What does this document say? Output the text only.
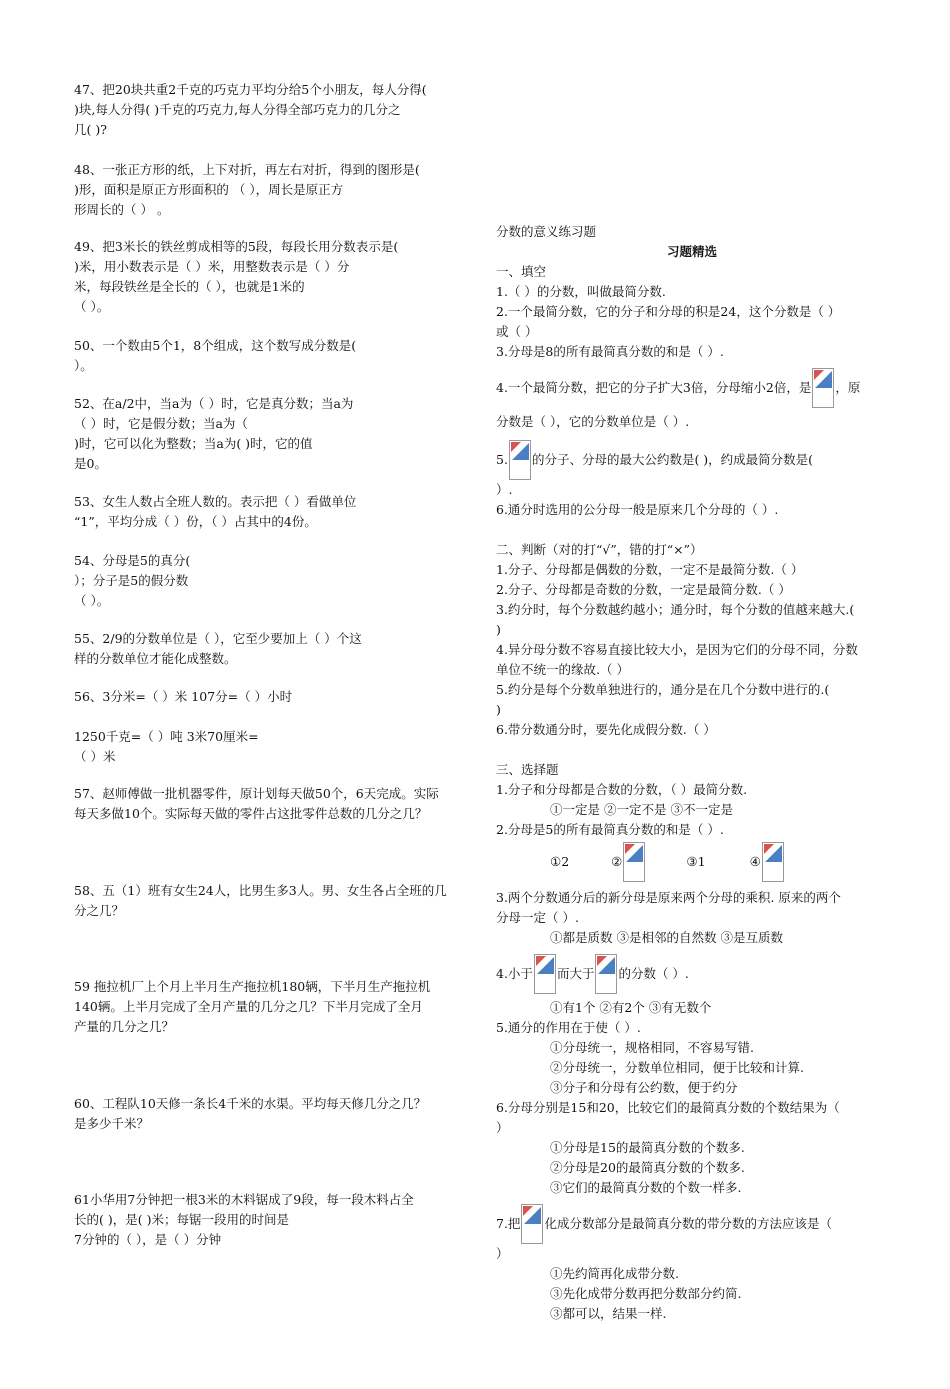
47、把20块共重2千克的巧克力平均分给5个小朋友，每人分得(
)块,每人分得( )千克的巧克力,每人分得全部巧克力的几分之
几( )?
48、一张正方形的纸，上下对折，再左右对折，得到的图形是(
)形，面积是原正方形面积的 （ ），周长是原正方
形周长的（ ） 。
49、把3米长的铁丝剪成相等的5段，每段长用分数表示是(
)米，用小数表示是（ ）米，用整数表示是（ ）分
米，每段铁丝是全长的（ ），也就是1米的
（ ）。
50、一个数由5个1，8个组成，这个数写成分数是(
）。
52、在a/2中，当a为（ ）时，它是真分数；当a为
（ ）时，它是假分数；当a为（
)时，它可以化为整数；当a为( )时，它的值
是0。
53、女生人数占全班人数的。表示把（ ）看做单位
“1”，平均分成（ ）份，（ ）占其中的4份。
54、分母是5的真分(
）；分子是5的假分数
（ ）。
55、2/9的分数单位是（ ），它至少要加上（ ）个这
样的分数单位才能化成整数。
56、3分米=（ ）米 107分=（ ）小时
1250千克=（ ）吨 3米70厘米=
（ ）米
57、赵师傅做一批机器零件，原计划每天做50个，6天完成。实际
每天多做10个。实际每天做的零件占这批零件总数的几分之几？
58、五（1）班有女生24人，比男生多3人。男、女生各占全班的几
分之几？
59 拖拉机厂上个月上半月生产拖拉机180辆，下半月生产拖拉机
140辆。上半月完成了全月产量的几分之几？下半月完成了全月
产量的几分之几？
60、工程队10天修一条长4千米的水渠。平均每天修几分之几？
是多少千米？
61小华用7分钟把一根3米的木料锯成了9段，每一段木料占全
长的( )，是( )米；每锯一段用的时间是
7分钟的（ ），是（ ）分钟
分数的意义练习题
习题精选
一、填空
1.（ ）的分数，叫做最简分数.
2.一个最简分数，它的分子和分母的积是24，这个分数是（ ）
或（ ）
3.分母是8的所有最简真分数的和是（ ）.
4.一个最简分数，把它的分子扩大3倍，分母缩小2倍，是 ，原
分数是（ ），它的分数单位是（ ）.
5. 的分子、分母的最大公约数是( )，约成最简分数是(
）.
6.通分时选用的公分母一般是原来几个分母的（ ）.
二、判断（对的打“√”，错的打“×”）
1.分子、分母都是偶数的分数，一定不是最简分数.（ ）
2.分子、分母都是奇数的分数，一定是最简分数.（ ）
3.约分时，每个分数越约越小；通分时，每个分数的值越来越大.(
)
4.异分母分数不容易直接比较大小，是因为它们的分母不同，分数
单位不统一的缘故.（ ）
5.约分是每个分数单独进行的，通分是在几个分数中进行的.(
)
6.带分数通分时，要先化成假分数.（ ）
三、选择题
1.分子和分母都是合数的分数，（ ）最简分数.
①一定是 ②一定不是 ③不一定是
2.分母是5的所有最简真分数的和是（ ）.
①2	②	③1	④
3.两个分数通分后的新分母是原来两个分母的乘积. 原来的两个
分母一定（ ）.
①都是质数 ③是相邻的自然数 ③是互质数
4.小于 而大于 的分数（ ）.
①有1个 ②有2个 ③有无数个
5.通分的作用在于使（ ）.
①分母统一，规格相同，不容易写错.
②分母统一，分数单位相同，便于比较和计算.
③分子和分母有公约数，便于约分
6.分母分别是15和20，比较它们的最简真分数的个数结果为（
）
①分母是15的最简真分数的个数多.
②分母是20的最简真分数的个数多.
③它们的最简真分数的个数一样多.
7.把 化成分数部分是最简真分数的带分数的方法应该是（
）
①先约简再化成带分数.
③先化成带分数再把分数部分约简.
③都可以，结果一样.
